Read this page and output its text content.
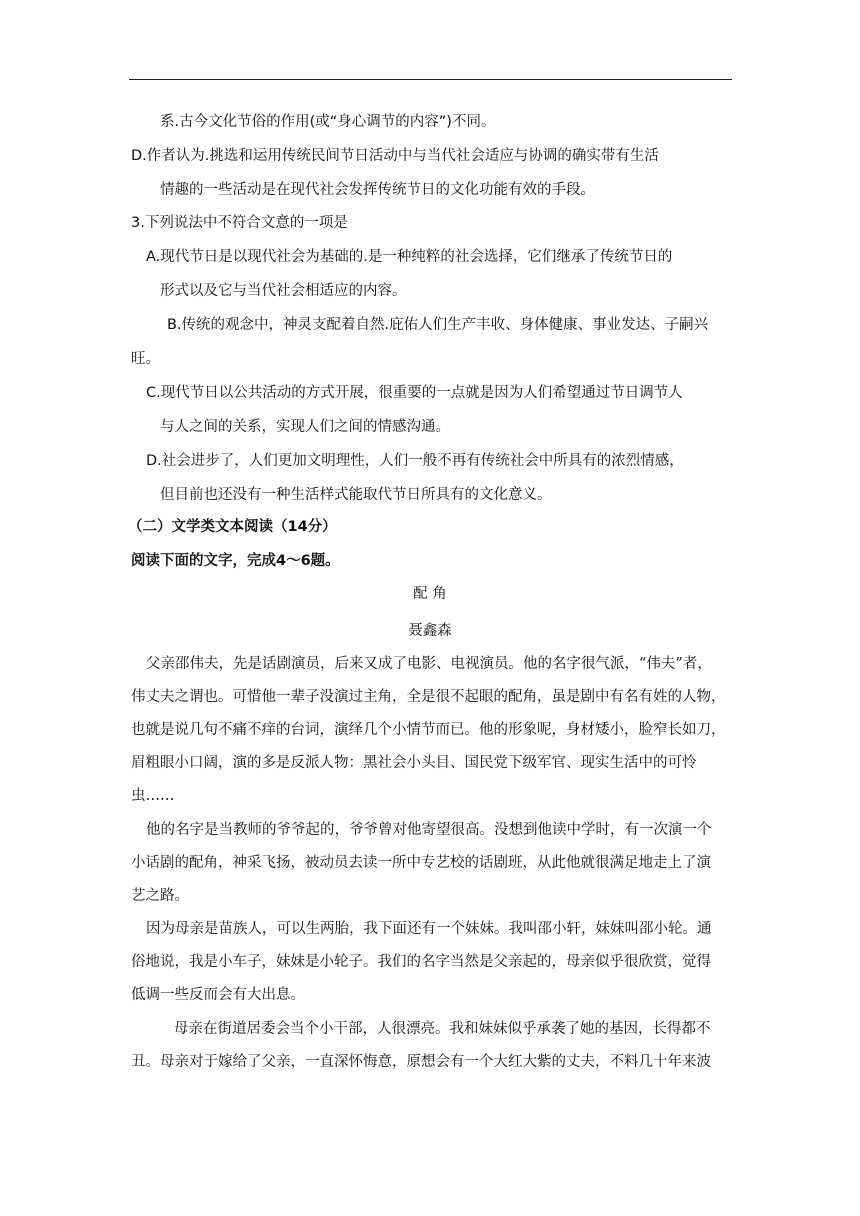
系.古今文化节俗的作用(或“身心调节的内容”)不同。
D.作者认为.挑选和运用传统民间节日活动中与当代社会适应与协调的确实带有生活
情趣的一些活动是在现代社会发挥传统节日的文化功能有效的手段。
3.下列说法中不符合文意的一项是
A.现代节日是以现代社会为基础的.是一种纯粹的社会选择，它们继承了传统节日的
形式以及它与当代社会相适应的内容。
B.传统的观念中，神灵支配着自然.庇佑人们生产丰收、身体健康、事业发达、子嗣兴
旺。
C.现代节日以公共活动的方式开展，很重要的一点就是因为人们希望通过节日调节人
与人之间的关系，实现人们之间的情感沟通。
D.社会进步了，人们更加文明理性，人们一般不再有传统社会中所具有的浓烈情感，
但目前也还没有一种生活样式能取代节日所具有的文化意义。
（二）文学类文本阅读（14分）
阅读下面的文字，完成4～6题。
配 角
聂鑫森
父亲邵伟夫，先是话剧演员，后来又成了电影、电视演员。他的名字很气派，“伟夫”者，
伟丈夫之谓也。可惜他一辈子没演过主角，全是很不起眼的配角，虽是剧中有名有姓的人物，
也就是说几句不痛不痒的台词，演绎几个小情节而已。他的形象呢，身材矮小，脸窄长如刀，
眉粗眼小口阔，演的多是反派人物：黑社会小头目、国民党下级军官、现实生活中的可怜
虫……
他的名字是当教师的爷爷起的，爷爷曾对他寄望很高。没想到他读中学时，有一次演一个
小话剧的配角，神采飞扬，被动员去读一所中专艺校的话剧班，从此他就很满足地走上了演
艺之路。
因为母亲是苗族人，可以生两胎，我下面还有一个妹妹。我叫邵小轩，妹妹叫邵小轮。通
俗地说，我是小车子，妹妹是小轮子。我们的名字当然是父亲起的，母亲似乎很欣赏，觉得
低调一些反而会有大出息。
母亲在街道居委会当个小干部，人很漂亮。我和妹妹似乎承袭了她的基因，长得都不
丑。母亲对于嫁给了父亲，一直深怀悔意，原想会有一个大红大紫的丈夫，不料几十年来波
